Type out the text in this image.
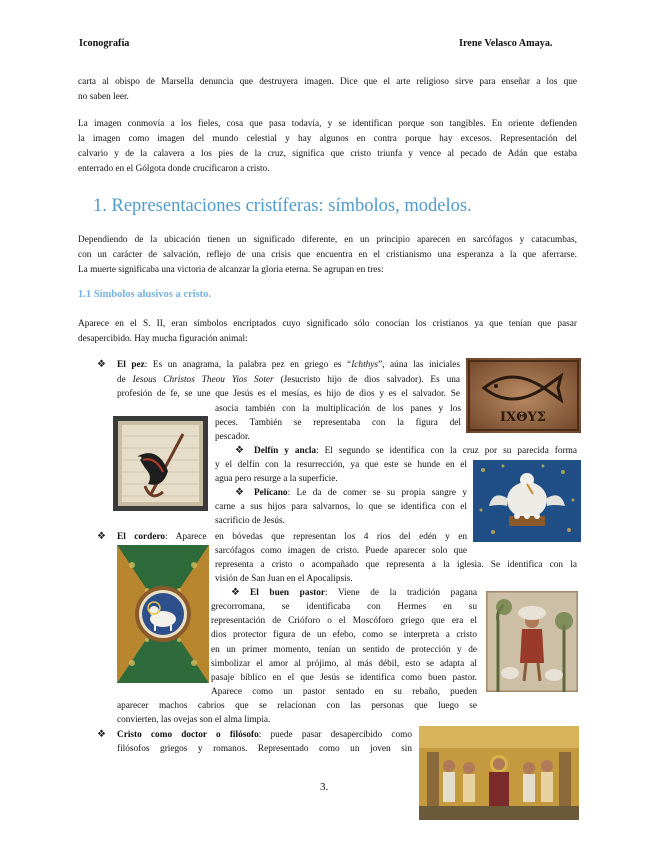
Iconografía	Irene Velasco Amaya.
carta al obispo de Marsella denuncia que destruyera imagen. Dice que el arte religioso sirve para enseñar a los que
no saben leer.
La imagen conmovía a los fieles, cosa que pasa todavía, y se identifican porque son tangibles. En oriente defienden
la imagen como imagen del mundo celestial y hay algunos en contra porque hay excesos. Representación del
calvario y de la calavera a los pies de la cruz, significa que cristo triunfa y vence al pecado de Adán que estaba
enterrado en el Gólgota donde crucificaron a cristo.
1. Representaciones cristíferas: símbolos, modelos.
Dependiendo de la ubicación tienen un significado diferente, en un principio aparecen en sarcófagos y catacumbas,
con un carácter de salvación, reflejo de una crisis que encuentra en el cristianismo una esperanza a la que aferrarse.
La muerte significaba una victoria de alcanzar la gloria eterna. Se agrupan en tres:
1.1 Símbolos alusivos a cristo.
Aparece en el S. II, eran símbolos encriptados cuyo significado sólo conocían los cristianos ya que tenían que pasar
desapercibido. Hay mucha figuración animal:
❖ El pez: Es un anagrama, la palabra pez en griego es “Ichthys”, aúna las iniciales
de Iesous Christos Theou Yios Soter (Jesucristo hijo de dios salvador). Es una
profesión de fe, se une que Jesús es el mesías, es hijo de dios y es el salvador. Se
asocia también con la multiplicación de los panes y los
peces. También se representaba con la figura del
pescador.
IXΘYΣ
❖ Delfín y ancla: El segundo se identifica con la cruz por su parecida forma
y el delfín con la resurrección, ya que este se hunde en el
agua pero resurge a la superficie.
❖ Pelícano: Le da de comer se su propia sangre y
carne a sus hijos para salvarnos, lo que se identifica con el
sacrificio de Jesús.
❖ El cordero: Aparece en bóvedas que representan los 4 ríos del edén y en
sarcófagos como imagen de cristo. Puede aparecer solo que
representa a cristo o acompañado que representa a la iglesia. Se identifica con la
visión de San Juan en el Apocalipsis.
❖ El buen pastor: Viene de la tradición pagana
grecorromana, se identificaba con Hermes en su
representación de Crióforo o el Moscóforo griego que era el
dios protector figura de un efebo, como se interpreta a cristo
en un primer momento, tenían un sentido de protección y de
simbolizar el amor al prójimo, al más débil, esto se adapta al
pasaje bíblico en el que Jesús se identifica como buen pastor.
Aparece como un pastor sentado en su rebaño, pueden
aparecer machos cabríos que se relacionan con las personas que luego se
convierten, las ovejas son el alma limpia.
❖ Cristo como doctor o filósofo: puede pasar desapercibido como
filósofos griegos y romanos. Representado como un joven sin
3.
